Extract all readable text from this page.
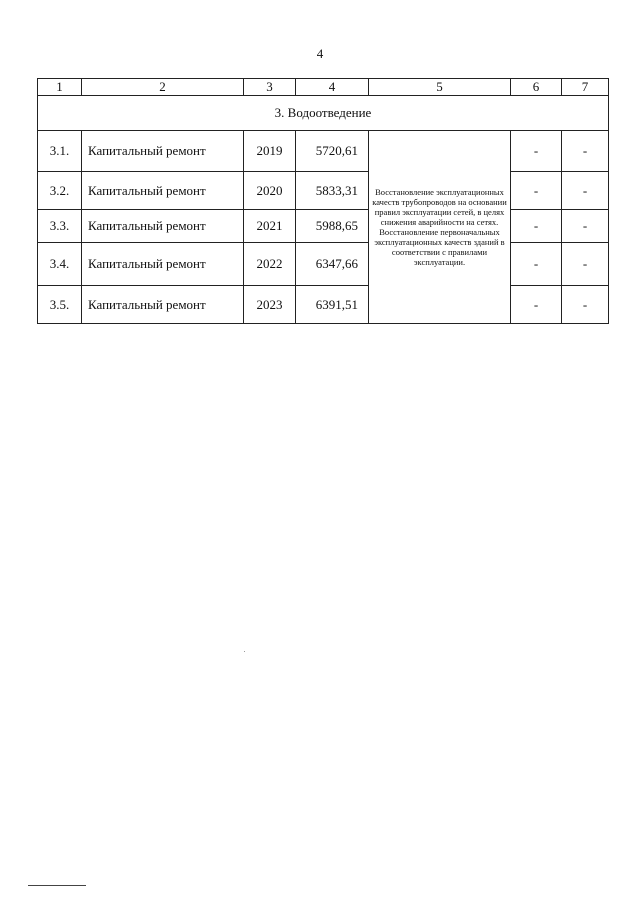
4
1	2	3	4	5	6	7
3. Водоотведение						
3.1.	Капитальный ремонт	2019	5720,61	Восстановление эксплуатационных качеств трубопроводов на основании правил эксплуатации сетей, в целях снижения аварийности на сетях. Восстановление первоначальных эксплуатационных качеств зданий в соответствии с правилами эксплуатации.	-	-
3.2.	Капитальный ремонт	2020	5833,31		-	-
3.3.	Капитальный ремонт	2021	5988,65		-	-
3.4.	Капитальный ремонт	2022	6347,66		-	-
3.5.	Капитальный ремонт	2023	6391,51		-	-
